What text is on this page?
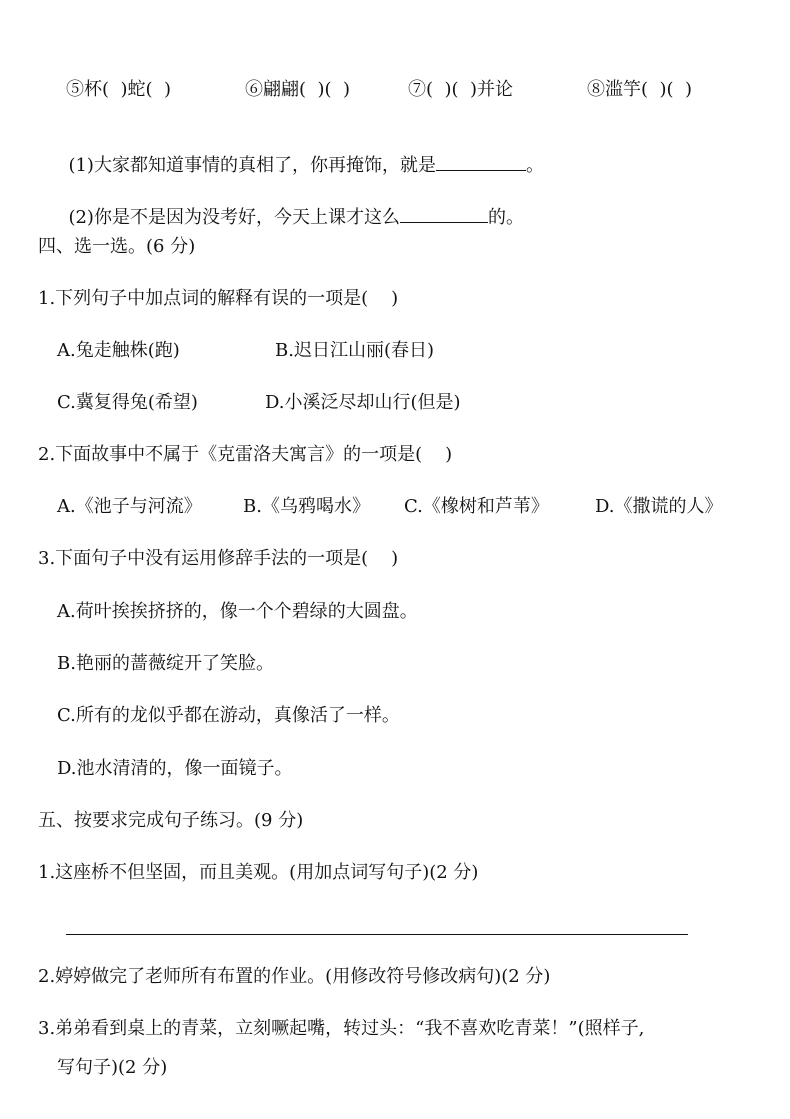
⑤杯(  )蛇(  )	⑥翩翩(  )(  )	⑦(  )(  )并论	⑧滥竽(  )(  )

(1)大家都知道事情的真相了，你再掩饰，就是	。

(2)你是不是因为没考好，今天上课才这么	的。

四、选一选。(6 分)
1.下列句子中加点词的解释有误的一项是(    )
A.兔走触株(跑)	B.迟日江山丽(春日)
C.冀复得兔(希望)	D.小溪泛尽却山行(但是)
2.下面故事中不属于《克雷洛夫寓言》的一项是(    )
A.《池子与河流》 B.《乌鸦喝水》 C.《橡树和芦苇》	D.《撒谎的人》
3.下面句子中没有运用修辞手法的一项是(    )
A.荷叶挨挨挤挤的，像一个个碧绿的大圆盘。
B.艳丽的蔷薇绽开了笑脸。
C.所有的龙似乎都在游动，真像活了一样。
D.池水清清的，像一面镜子。
五、按要求完成句子练习。(9 分)
1.这座桥不但坚固，而且美观。(用加点词写句子)(2 分)
2.婷婷做完了老师所有布置的作业。(用修改符号修改病句)(2 分)
3.弟弟看到桌上的青菜，立刻噘起嘴，转过头：“我不喜欢吃青菜！”(照样子,
写句子)(2 分)
